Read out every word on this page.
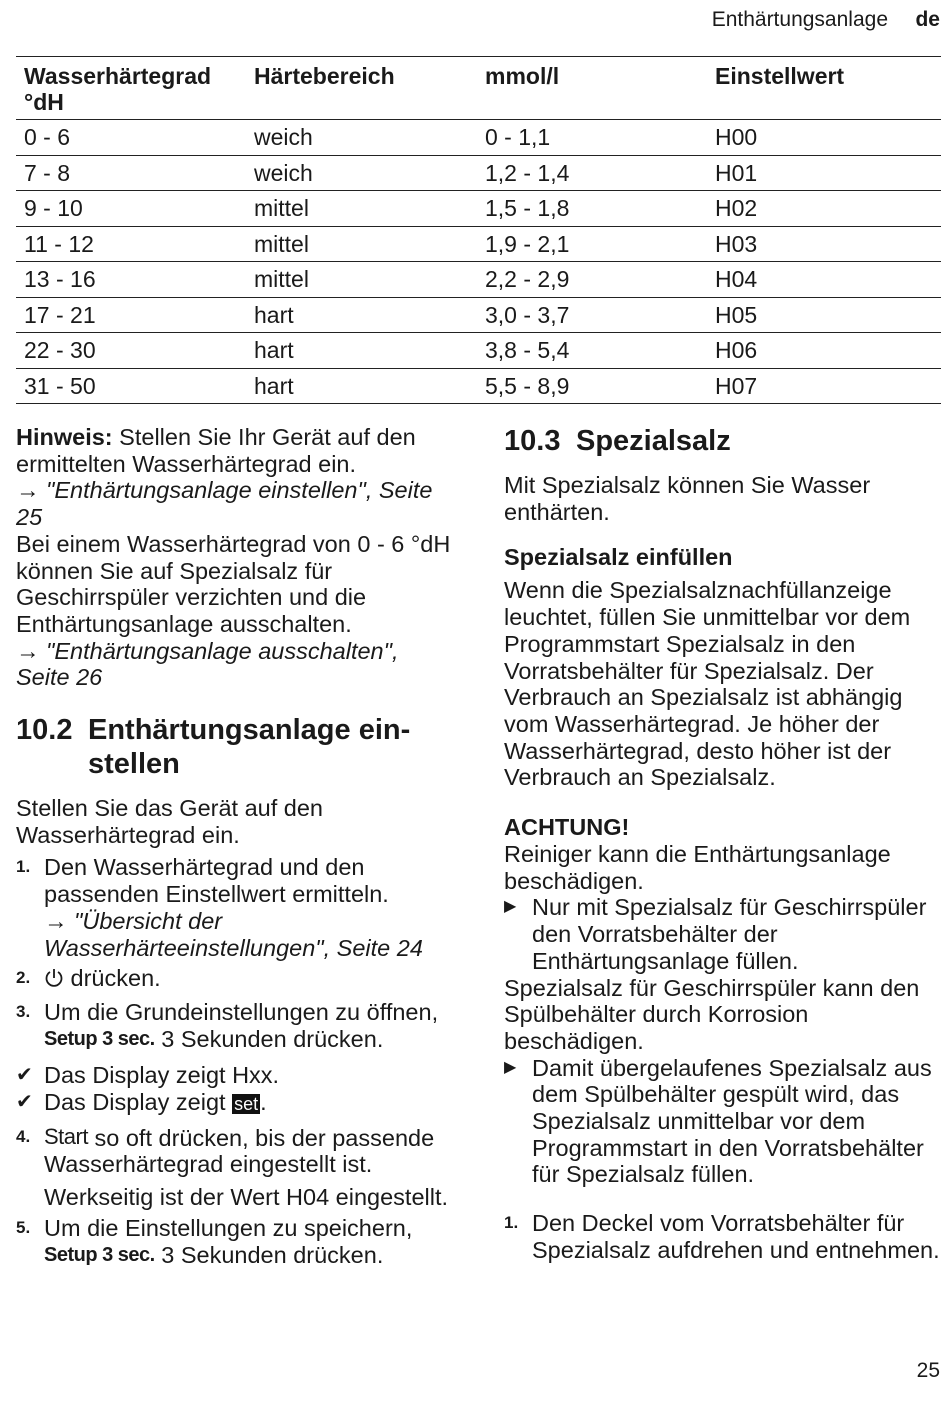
Enthärtungsanlage de
Wasserhärtegrad °dH	Härtebereich	mmol/l	Einstellwert
0 - 6	weich	0 - 1,1	H00
7 - 8	weich	1,2 - 1,4	H01
9 - 10	mittel	1,5 - 1,8	H02
11 - 12	mittel	1,9 - 2,1	H03
13 - 16	mittel	2,2 - 2,9	H04
17 - 21	hart	3,0 - 3,7	H05
22 - 30	hart	3,8 - 5,4	H06
31 - 50	hart	5,5 - 8,9	H07

Hinweis: Stellen Sie Ihr Gerät auf den ermittelten Wasserhärtegrad ein.

→ "Enthärtungsanlage einstellen", Seite 25

Bei einem Wasserhärtegrad von 0 - 6 °dH können Sie auf Spezialsalz für Geschirrspüler verzichten und die Enthärtungsanlage ausschalten.

→ "Enthärtungsanlage ausschalten", Seite 26

10.2 Enthärtungsanlage ein-
stellen

Stellen Sie das Gerät auf den Wasserhärtegrad ein.

1. Den Wasserhärtegrad und den passenden Einstellwert ermitteln.
→ "Übersicht der Wasserhärteeinstellungen", Seite 24
2. drücken.
3. Um die Grundeinstellungen zu öffnen, Setup 3 sec. 3 Sekunden drücken.
✔ Das Display zeigt Hxx.
✔ Das Display zeigt set.
4. Start so oft drücken, bis der passende Wasserhärtegrad eingestellt ist.
Werkseitig ist der Wert H04 eingestellt.
5. Um die Einstellungen zu speichern,
Setup 3 sec. 3 Sekunden drücken.
10.3 Spezialsalz

Mit Spezialsalz können Sie Wasser enthärten.

Spezialsalz einfüllen

Wenn die Spezialsalznachfüllanzeige leuchtet, füllen Sie unmittelbar vor dem Programmstart Spezialsalz in den Vorratsbehälter für Spezialsalz. Der Verbrauch an Spezialsalz ist abhängig vom Wasserhärtegrad. Je höher der Wasserhärtegrad, desto höher ist der Verbrauch an Spezialsalz.

ACHTUNG!

Reiniger kann die Enthärtungsanlage beschädigen.

▶ Nur mit Spezialsalz für Geschirrspüler den Vorratsbehälter der Enthärtungsanlage füllen.

Spezialsalz für Geschirrspüler kann den Spülbehälter durch Korrosion beschädigen.

▶ Damit übergelaufenes Spezialsalz aus dem Spülbehälter gespült wird, das Spezialsalz unmittelbar vor dem Programmstart in den Vorratsbehälter für Spezialsalz füllen.
1. Den Deckel vom Vorratsbehälter für Spezialsalz aufdrehen und entnehmen.
25
